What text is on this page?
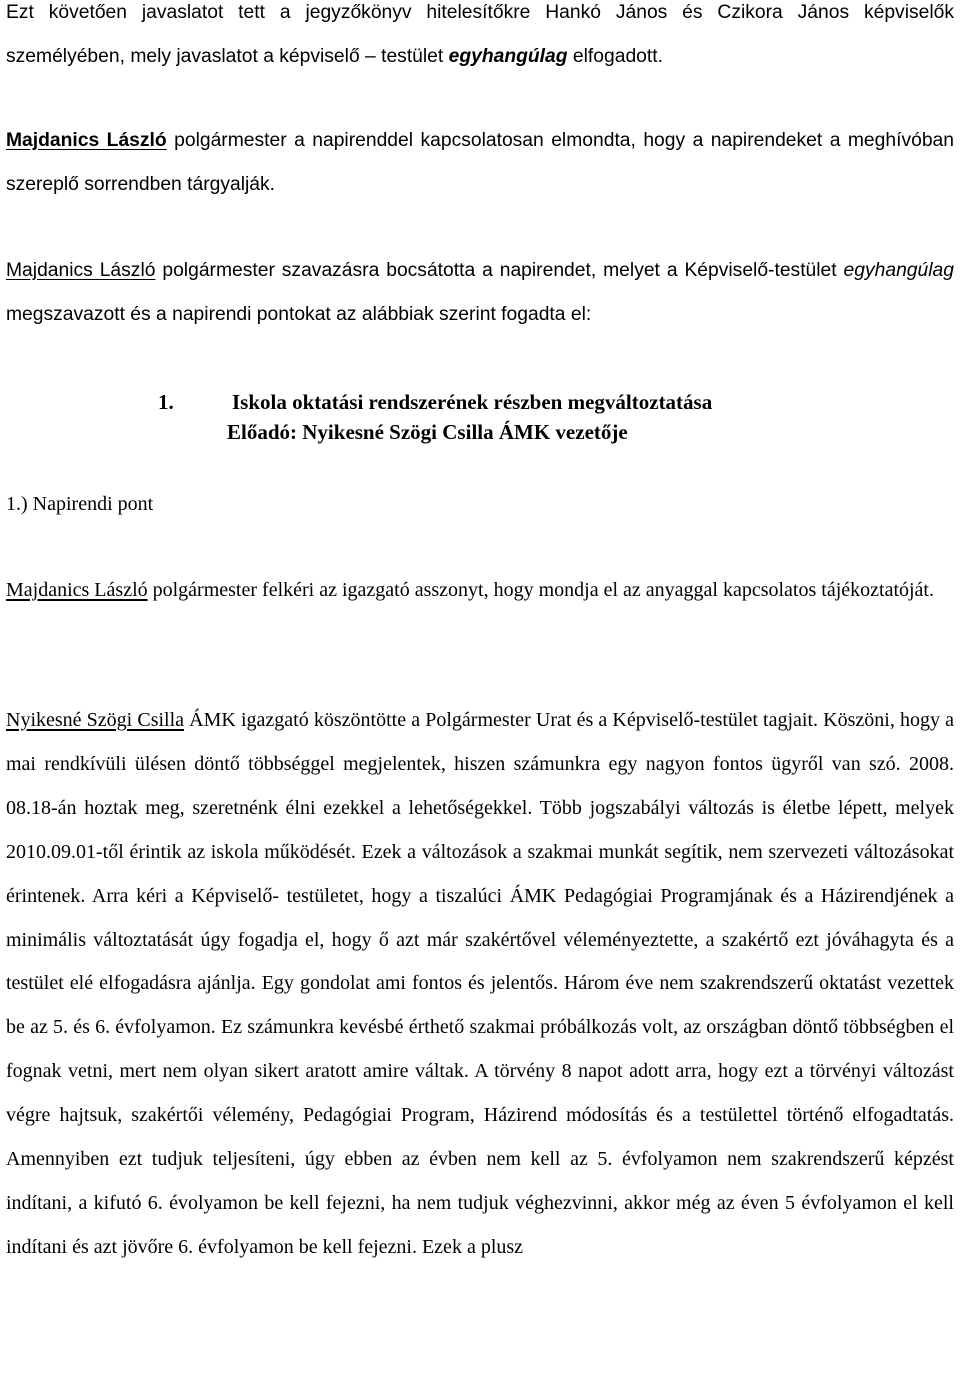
Ezt követően javaslatot tett a jegyzőkönyv hitelesítőkre Hankó János és Czikora János képviselők személyében, mely javaslatot a képviselő – testület egyhangúlag elfogadott.

Majdanics László polgármester a napirenddel kapcsolatosan elmondta, hogy a napirendeket a meghívóban szereplő sorrendben tárgyalják.

Majdanics László polgármester szavazásra bocsátotta a napirendet, melyet a Képviselő-testület egyhangúlag megszavazott és a napirendi pontokat az alábbiak szerint fogadta el:

1.	Iskola oktatási rendszerének részben megváltoztatása
Előadó: Nyikesné Szögi Csilla ÁMK vezetője
1.) Napirendi pont

Majdanics László polgármester felkéri az igazgató asszonyt, hogy mondja el az anyaggal kapcsolatos tájékoztatóját.

Nyikesné Szögi Csilla ÁMK igazgató köszöntötte a Polgármester Urat és a Képviselő-testület tagjait. Köszöni, hogy a mai rendkívüli ülésen döntő többséggel megjelentek, hiszen számunkra egy nagyon fontos ügyről van szó. 2008. 08.18-án hoztak meg, szeretnénk élni ezekkel a lehetőségekkel. Több jogszabályi változás is életbe lépett, melyek 2010.09.01-től érintik az iskola működését. Ezek a változások a szakmai munkát segítik, nem szervezeti változásokat érintenek. Arra kéri a Képviselő- testületet, hogy a tiszalúci ÁMK Pedagógiai Programjának és a Házirendjének a minimális változtatását úgy fogadja el, hogy ő azt már szakértővel véleményeztette, a szakértő ezt jóváhagyta és a testület elé elfogadásra ajánlja. Egy gondolat ami fontos és jelentős. Három éve nem szakrendszerű oktatást vezettek be az 5. és 6. évfolyamon. Ez számunkra kevésbé érthető szakmai próbálkozás volt, az országban döntő többségben el fognak vetni, mert nem olyan sikert aratott amire váltak. A törvény 8 napot adott arra, hogy ezt a törvényi változást végre hajtsuk, szakértői vélemény, Pedagógiai Program, Házirend módosítás és a testülettel történő elfogadtatás. Amennyiben ezt tudjuk teljesíteni, úgy ebben az évben nem kell az 5. évfolyamon nem szakrendszerű képzést indítani, a kifutó 6. évolyamon be kell fejezni, ha nem tudjuk véghezvinni, akkor még az éven 5 évfolyamon el kell indítani és azt jövőre 6. évfolyamon be kell fejezni. Ezek a plusz
